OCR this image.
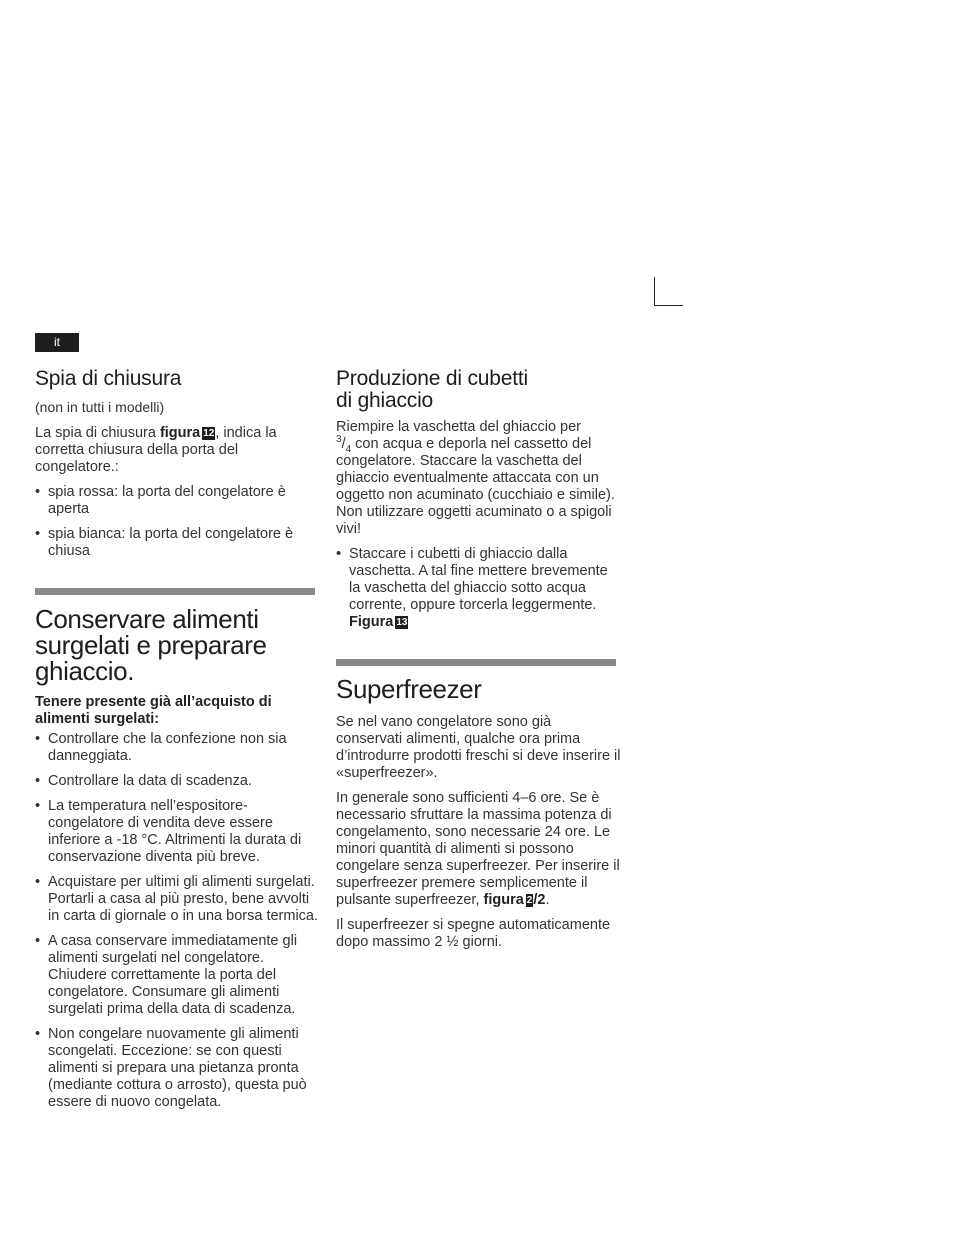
it
Spia di chiusura

(non in tutti i modelli)

La spia di chiusura figura 12, indica la corretta chiusura della porta del congelatore.:

• spia rossa: la porta del congelatore è aperta
• spia bianca: la porta del congelatore è chiusa
Conservare alimenti surgelati e preparare ghiaccio.

Tenere presente già all’acquisto di alimenti surgelati:

• Controllare che la confezione non sia danneggiata.
• Controllare la data di scadenza.
• La temperatura nell’espositore-congelatore di vendita deve essere inferiore a -18 °C. Altrimenti la durata di conservazione diventa più breve.
• Acquistare per ultimi gli alimenti surgelati. Portarli a casa al più presto, bene avvolti in carta di giornale o in una borsa termica.
• A casa conservare immediatamente gli alimenti surgelati nel congelatore. Chiudere correttamente la porta del congelatore. Consumare gli alimenti surgelati prima della data di scadenza.
• Non congelare nuovamente gli alimenti scongelati. Eccezione: se con questi alimenti si prepara una pietanza pronta (mediante cottura o arrosto), questa può essere di nuovo congelata.
Produzione di cubetti
di ghiaccio

Riempire la vaschetta del ghiaccio per
$^3/_4$ con acqua e deporla nel cassetto del congelatore. Staccare la vaschetta del ghiaccio eventualmente attaccata con un oggetto non acuminato (cucchiaio e simile). Non utilizzare oggetti acuminato o a spigoli vivi!

• Staccare i cubetti di ghiaccio dalla vaschetta. A tal fine mettere brevemente la vaschetta del ghiaccio sotto acqua corrente, oppure torcerla leggermente.
Figura 13
Superfreezer

Se nel vano congelatore sono già conservati alimenti, qualche ora prima d’introdurre prodotti freschi si deve inserire il «superfreezer».

In generale sono sufficienti 4–6 ore. Se è necessario sfruttare la massima potenza di congelamento, sono necessarie 24 ore. Le minori quantità di alimenti si possono congelare senza superfreezer. Per inserire il superfreezer premere semplicemente il pulsante superfreezer, figura 2/2.

Il superfreezer si spegne automaticamente dopo massimo 2 ½ giorni.
